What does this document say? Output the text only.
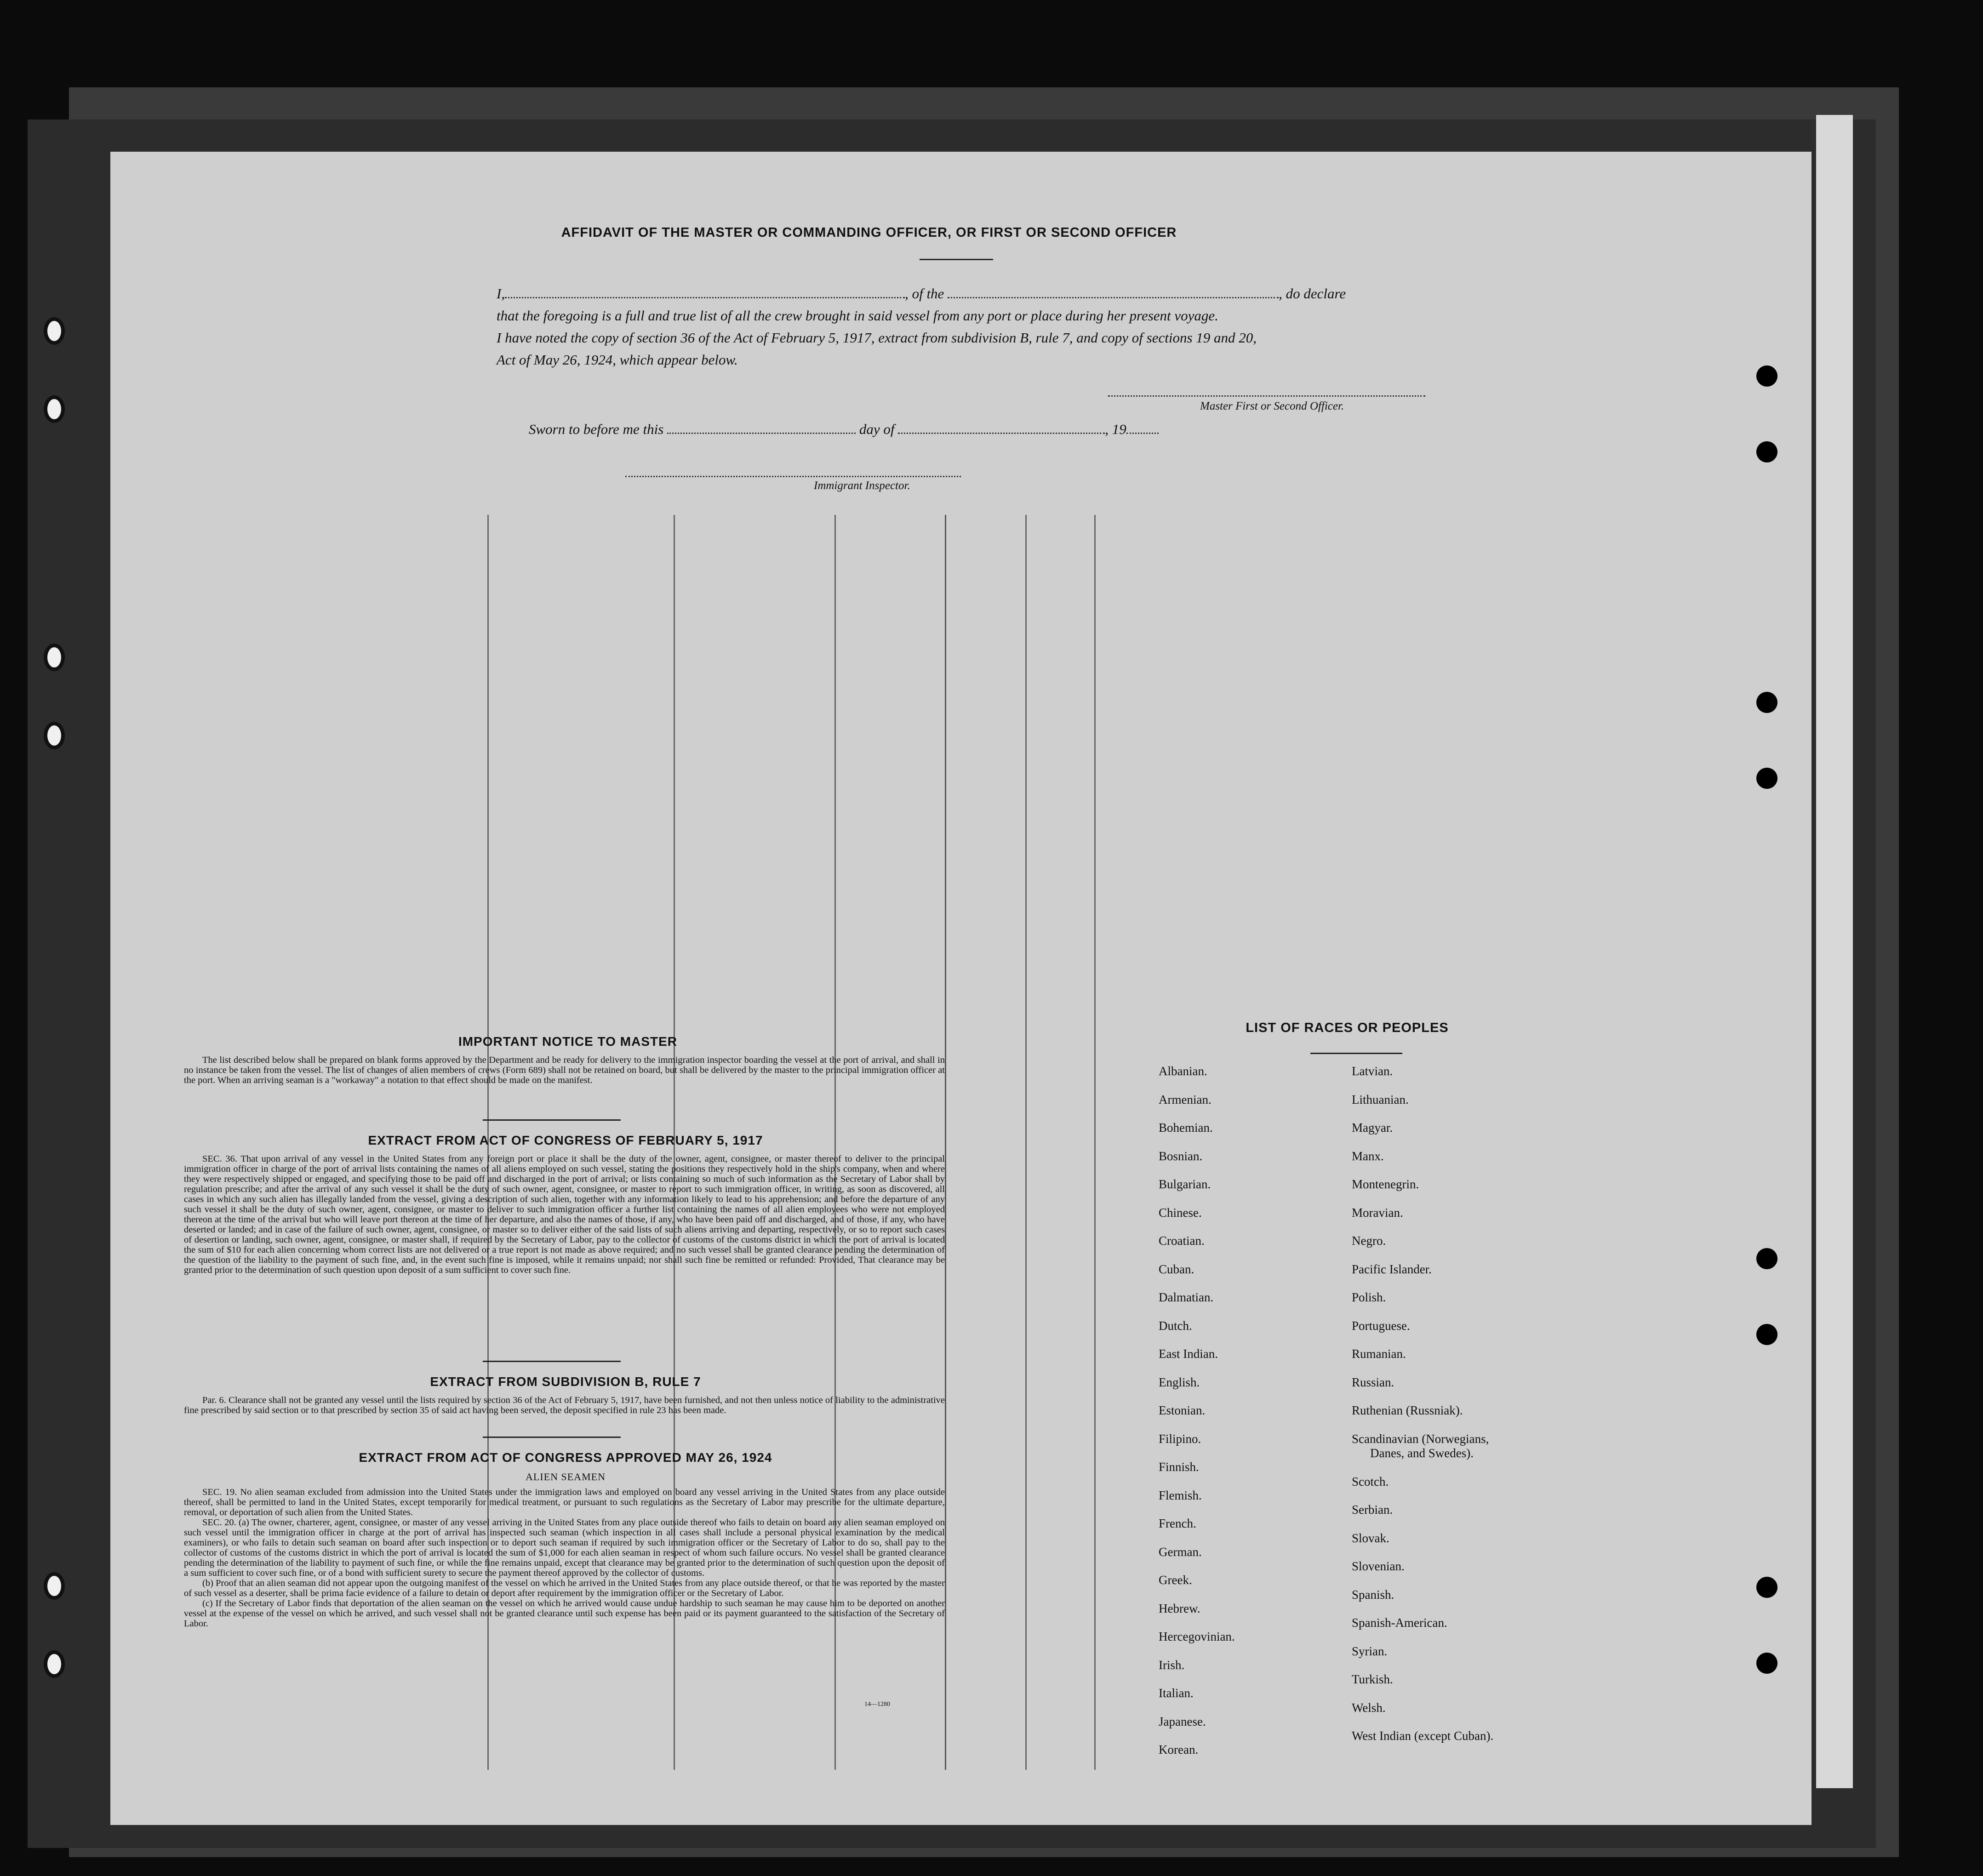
AFFIDAVIT OF THE MASTER OR COMMANDING OFFICER, OR FIRST OR SECOND OFFICER
I,	, of the	, do declare
that the foregoing is a full and true list of all the crew brought in said vessel from any port or place during her present voyage.
I have noted the copy of section 36 of the Act of February 5, 1917, extract from subdivision B, rule 7, and copy of sections 19 and 20,
Act of May 26, 1924, which appear below.
Master First or Second Officer.
Sworn to before me this	day of	, 19
Immigrant Inspector.
IMPORTANT NOTICE TO MASTER
The list described below shall be prepared on blank forms approved by the Department and be ready for delivery to the immigration inspector boarding the vessel at the port of arrival, and shall in no instance be taken from the vessel. The list of changes of alien members of crews (Form 689) shall not be retained on board, but shall be delivered by the master to the principal immigration officer at the port. When an arriving seaman is a "workaway" a notation to that effect should be made on the manifest.
EXTRACT FROM ACT OF CONGRESS OF FEBRUARY 5, 1917
SEC. 36. That upon arrival of any vessel in the United States from any foreign port or place it shall be the duty of the owner, agent, consignee, or master thereof to deliver to the principal immigration officer in charge of the port of arrival lists containing the names of all aliens employed on such vessel, stating the positions they respectively hold in the ship's company, when and where they were respectively shipped or engaged, and specifying those to be paid off and discharged in the port of arrival; or lists containing so much of such information as the Secretary of Labor shall by regulation prescribe; and after the arrival of any such vessel it shall be the duty of such owner, agent, consignee, or master to report to such immigration officer, in writing, as soon as discovered, all cases in which any such alien has illegally landed from the vessel, giving a description of such alien, together with any information likely to lead to his apprehension; and before the departure of any such vessel it shall be the duty of such owner, agent, consignee, or master to deliver to such immigration officer a further list containing the names of all alien employees who were not employed thereon at the time of the arrival but who will leave port thereon at the time of her departure, and also the names of those, if any, who have been paid off and discharged, and of those, if any, who have deserted or landed; and in case of the failure of such owner, agent, consignee, or master so to deliver either of the said lists of such aliens arriving and departing, respectively, or so to report such cases of desertion or landing, such owner, agent, consignee, or master shall, if required by the Secretary of Labor, pay to the collector of customs of the customs district in which the port of arrival is located the sum of $10 for each alien concerning whom correct lists are not delivered or a true report is not made as above required; and no such vessel shall be granted clearance pending the determination of the question of the liability to the payment of such fine, and, in the event such fine is imposed, while it remains unpaid; nor shall such fine be remitted or refunded: Provided, That clearance may be granted prior to the determination of such question upon deposit of a sum sufficient to cover such fine.
EXTRACT FROM SUBDIVISION B, RULE 7
Par. 6. Clearance shall not be granted any vessel until the lists required by section 36 of the Act of February 5, 1917, have been furnished, and not then unless notice of liability to the administrative fine prescribed by said section or to that prescribed by section 35 of said act having been served, the deposit specified in rule 23 has been made.
EXTRACT FROM ACT OF CONGRESS APPROVED MAY 26, 1924
ALIEN SEAMEN
SEC. 19. No alien seaman excluded from admission into the United States under the immigration laws and employed on board any vessel arriving in the United States from any place outside thereof, shall be permitted to land in the United States, except temporarily for medical treatment, or pursuant to such regulations as the Secretary of Labor may prescribe for the ultimate departure, removal, or deportation of such alien from the United States.
SEC. 20. (a) The owner, charterer, agent, consignee, or master of any vessel arriving in the United States from any place outside thereof who fails to detain on board any alien seaman employed on such vessel until the immigration officer in charge at the port of arrival has inspected such seaman (which inspection in all cases shall include a personal physical examination by the medical examiners), or who fails to detain such seaman on board after such inspection or to deport such seaman if required by such immigration officer or the Secretary of Labor to do so, shall pay to the collector of customs of the customs district in which the port of arrival is located the sum of $1,000 for each alien seaman in respect of whom such failure occurs. No vessel shall be granted clearance pending the determination of the liability to payment of such fine, or while the fine remains unpaid, except that clearance may be granted prior to the determination of such question upon the deposit of a sum sufficient to cover such fine, or of a bond with sufficient surety to secure the payment thereof approved by the collector of customs.
(b) Proof that an alien seaman did not appear upon the outgoing manifest of the vessel on which he arrived in the United States from any place outside thereof, or that he was reported by the master of such vessel as a deserter, shall be prima facie evidence of a failure to detain or deport after requirement by the immigration officer or the Secretary of Labor.
(c) If the Secretary of Labor finds that deportation of the alien seaman on the vessel on which he arrived would cause undue hardship to such seaman he may cause him to be deported on another vessel at the expense of the vessel on which he arrived, and such vessel shall not be granted clearance until such expense has been paid or its payment guaranteed to the satisfaction of the Secretary of Labor.
14—1280
LIST OF RACES OR PEOPLES
Albanian.
Armenian.
Bohemian.
Bosnian.
Bulgarian.
Chinese.
Croatian.
Cuban.
Dalmatian.
Dutch.
East Indian.
English.
Estonian.
Filipino.
Finnish.
Flemish.
French.
German.
Greek.
Hebrew.
Hercegovinian.
Irish.
Italian.
Japanese.
Korean.
Latvian.
Lithuanian.
Magyar.
Manx.
Montenegrin.
Moravian.
Negro.
Pacific Islander.
Polish.
Portuguese.
Rumanian.
Russian.
Ruthenian (Russniak).
Scandinavian (Norwegians,
Danes, and Swedes).
Scotch.
Serbian.
Slovak.
Slovenian.
Spanish.
Spanish-American.
Syrian.
Turkish.
Welsh.
West Indian (except Cuban).
